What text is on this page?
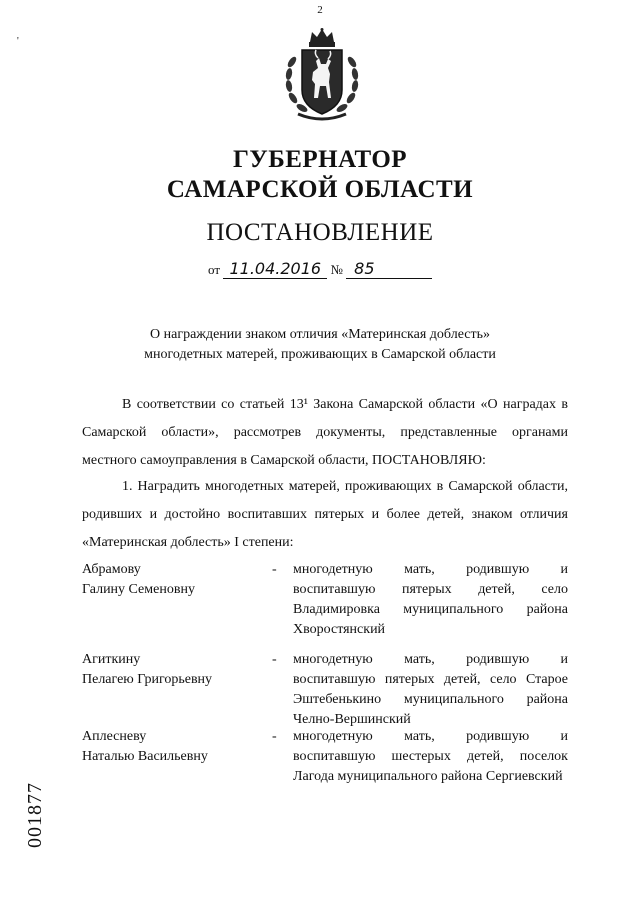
2
'
ГУБЕРНАТОР
САМАРСКОЙ ОБЛАСТИ
ПОСТАНОВЛЕНИЕ
от 11.04.2016 № 85
О награждении знаком отличия «Материнская доблесть»
многодетных матерей, проживающих в Самарской области
В соответствии со статьей 13¹ Закона Самарской области «О наградах в Самарской области», рассмотрев документы, представленные органами местного самоуправления в Самарской области, ПОСТАНОВЛЯЮ:
1. Наградить многодетных матерей, проживающих в Самарской области, родивших и достойно воспитавших пятерых и более детей, знаком отличия «Материнская доблесть» I степени:
Абрамову
Галину Семеновну
-	многодетную мать, родившую и воспитавшую пятерых детей, село Владимировка муниципального района Хворостянский
Агиткину
Пелагею Григорьевну
-	многодетную мать, родившую и воспитавшую пятерых детей, село Старое Эштебенькино муниципального района Челно-Вершинский
Аплесневу
Наталью Васильевну
-	многодетную мать, родившую и воспитавшую шестерых детей, поселок Лагода муниципального района Сергиевский
001877
